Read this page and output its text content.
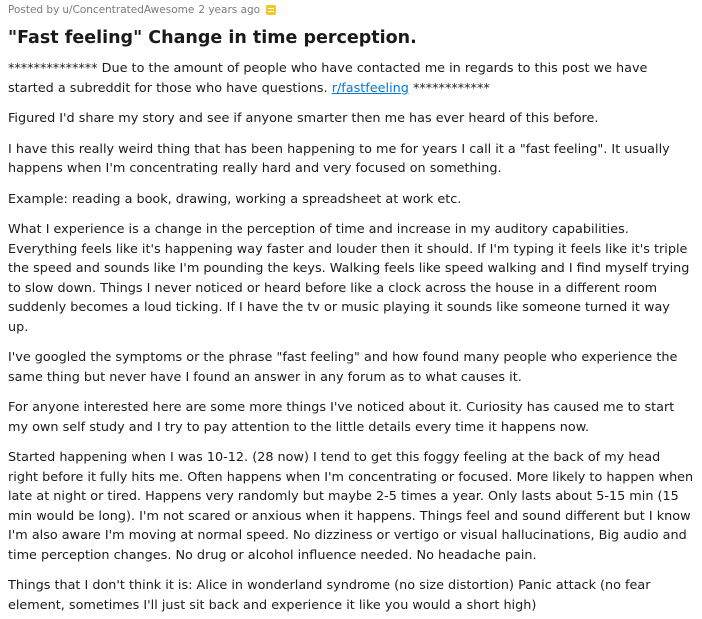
Posted by u/ConcentratedAwesome 2 years ago
"Fast feeling" Change in time perception.

************** Due to the amount of people who have contacted me in regards to this post we have started a subreddit for those who have questions. r/fastfeeling ************

Figured I'd share my story and see if anyone smarter then me has ever heard of this before.

I have this really weird thing that has been happening to me for years I call it a "fast feeling". It usually happens when I'm concentrating really hard and very focused on something.

Example: reading a book, drawing, working a spreadsheet at work etc.

What I experience is a change in the perception of time and increase in my auditory capabilities. Everything feels like it's happening way faster and louder then it should. If I'm typing it feels like it's triple the speed and sounds like I'm pounding the keys. Walking feels like speed walking and I find myself trying to slow down. Things I never noticed or heard before like a clock across the house in a different room suddenly becomes a loud ticking. If I have the tv or music playing it sounds like someone turned it way up.

I've googled the symptoms or the phrase "fast feeling" and how found many people who experience the same thing but never have I found an answer in any forum as to what causes it.

For anyone interested here are some more things I've noticed about it. Curiosity has caused me to start my own self study and I try to pay attention to the little details every time it happens now.

Started happening when I was 10-12. (28 now) I tend to get this foggy feeling at the back of my head right before it fully hits me. Often happens when I'm concentrating or focused. More likely to happen when late at night or tired. Happens very randomly but maybe 2-5 times a year. Only lasts about 5-15 min (15 min would be long). I'm not scared or anxious when it happens. Things feel and sound different but I know I'm also aware I'm moving at normal speed. No dizziness or vertigo or visual hallucinations, Big audio and time perception changes. No drug or alcohol influence needed. No headache pain.

Things that I don't think it is: Alice in wonderland syndrome (no size distortion) Panic attack (no fear element, sometimes I'll just sit back and experience it like you would a short high)
